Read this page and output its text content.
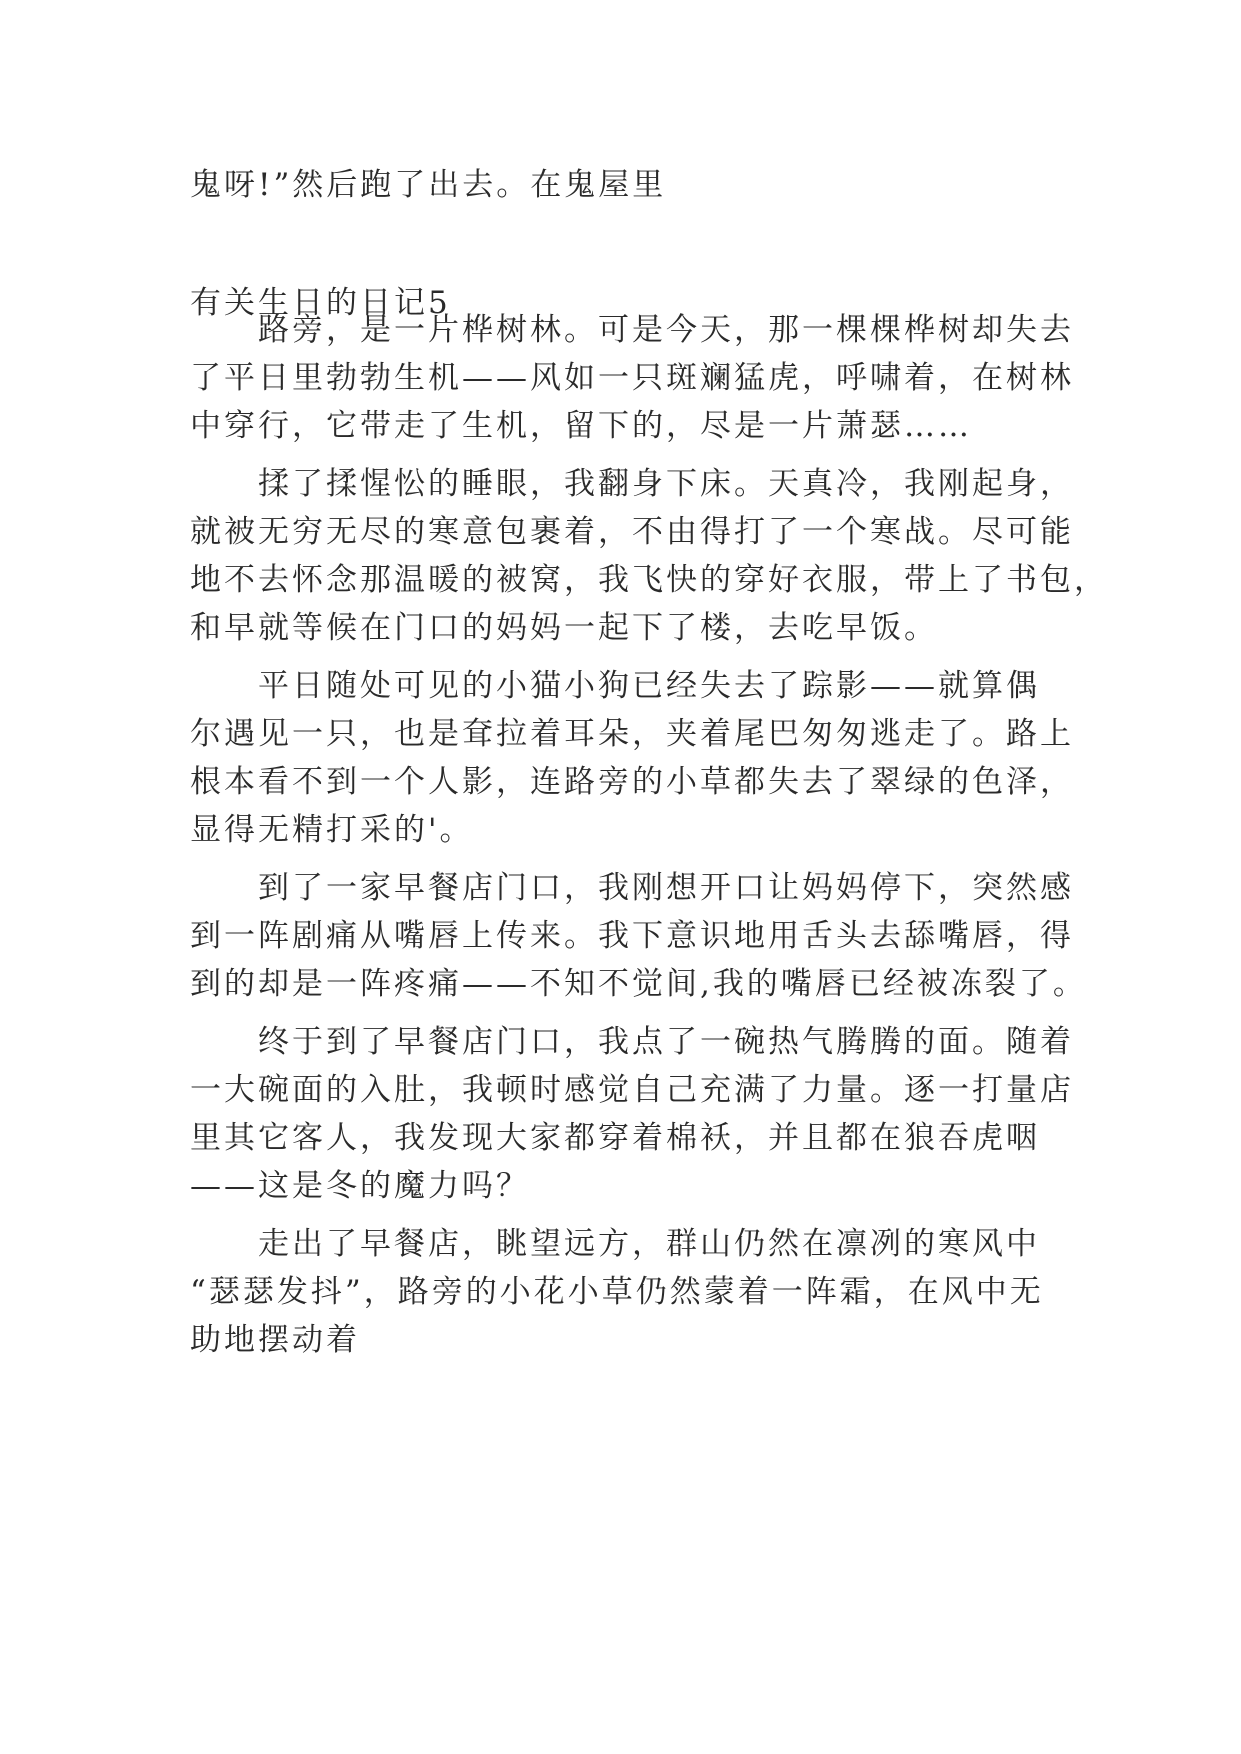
鬼呀!”然后跑了出去。在鬼屋里
有关生日的日记5
路旁，是一片桦树林。可是今天，那一棵棵桦树却失去
了平日里勃勃生机——风如一只斑斓猛虎，呼啸着，在树林
中穿行，它带走了生机，留下的，尽是一片萧瑟……
揉了揉惺忪的睡眼，我翻身下床。天真冷，我刚起身，
就被无穷无尽的寒意包裹着，不由得打了一个寒战。尽可能
地不去怀念那温暖的被窝，我飞快的穿好衣服，带上了书包，
和早就等候在门口的妈妈一起下了楼，去吃早饭。
平日随处可见的小猫小狗已经失去了踪影——就算偶
尔遇见一只，也是耷拉着耳朵，夹着尾巴匆匆逃走了。路上
根本看不到一个人影，连路旁的小草都失去了翠绿的色泽，
显得无精打采的'。
到了一家早餐店门口，我刚想开口让妈妈停下，突然感
到一阵剧痛从嘴唇上传来。我下意识地用舌头去舔嘴唇，得
到的却是一阵疼痛——不知不觉间,我的嘴唇已经被冻裂了。
终于到了早餐店门口，我点了一碗热气腾腾的面。随着
一大碗面的入肚，我顿时感觉自己充满了力量。逐一打量店
里其它客人，我发现大家都穿着棉袄，并且都在狼吞虎咽
——这是冬的魔力吗？
走出了早餐店，眺望远方，群山仍然在凛冽的寒风中
“瑟瑟发抖”，路旁的小花小草仍然蒙着一阵霜，在风中无
助地摆动着
